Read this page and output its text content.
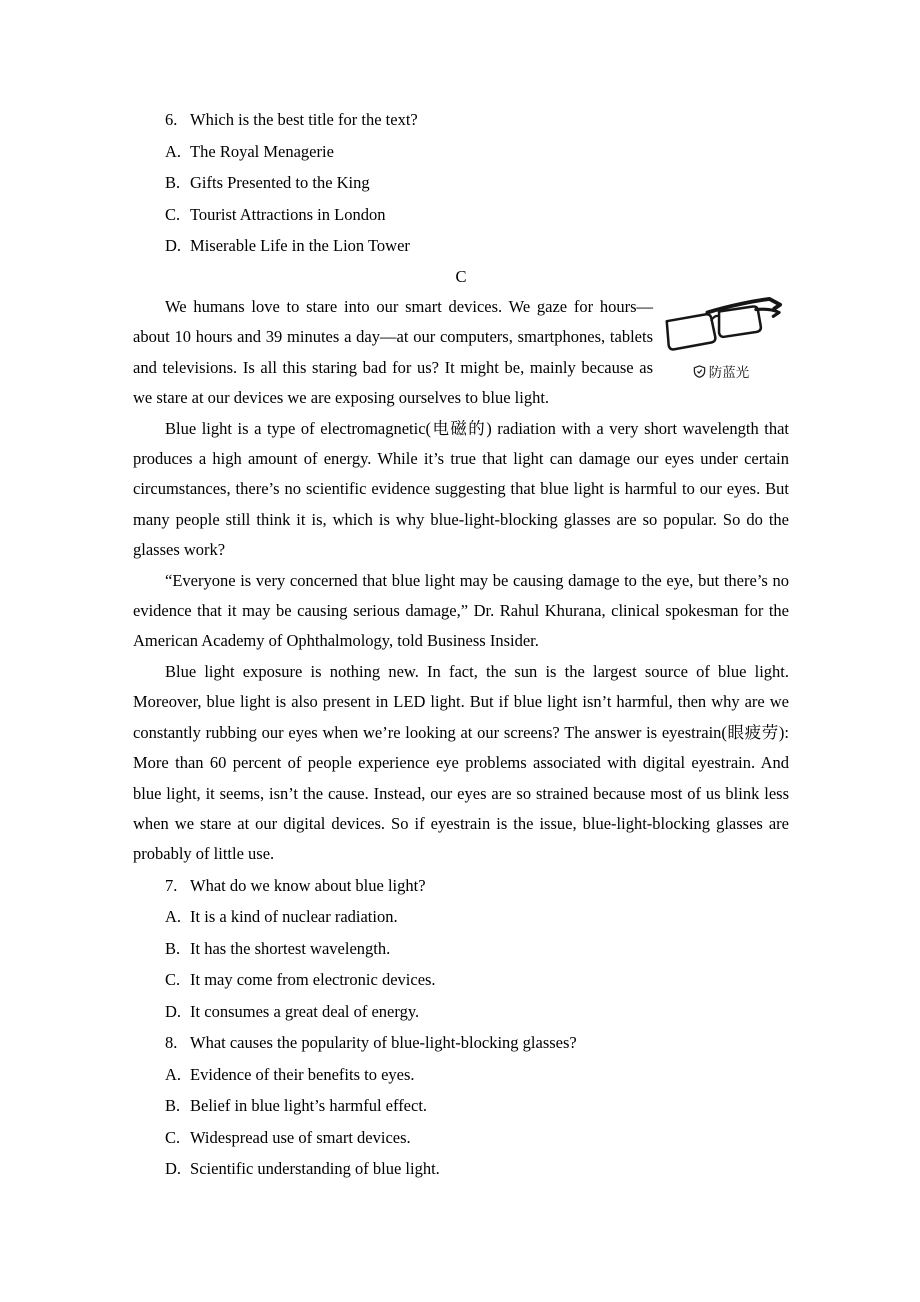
6. Which is the best title for the text?
A. The Royal Menagerie
B. Gifts Presented to the King
C. Tourist Attractions in London
D. Miserable Life in the Lion Tower
C
防蓝光

We humans love to stare into our smart devices. We gaze for hours—about 10 hours and 39 minutes a day—at our computers, smartphones, tablets and televisions. Is all this staring bad for us? It might be, mainly because as we stare at our devices we are exposing ourselves to blue light.

Blue light is a type of electromagnetic(电磁的) radiation with a very short wavelength that produces a high amount of energy. While it’s true that light can damage our eyes under certain circumstances, there’s no scientific evidence suggesting that blue light is harmful to our eyes. But many people still think it is, which is why blue-light-blocking glasses are so popular. So do the glasses work?

“Everyone is very concerned that blue light may be causing damage to the eye, but there’s no evidence that it may be causing serious damage,” Dr. Rahul Khurana, clinical spokesman for the American Academy of Ophthalmology, told Business Insider.

Blue light exposure is nothing new. In fact, the sun is the largest source of blue light. Moreover, blue light is also present in LED light. But if blue light isn’t harmful, then why are we constantly rubbing our eyes when we’re looking at our screens? The answer is eyestrain(眼疲劳): More than 60 percent of people experience eye problems associated with digital eyestrain. And blue light, it seems, isn’t the cause. Instead, our eyes are so strained because most of us blink less when we stare at our digital devices. So if eyestrain is the issue, blue-light-blocking glasses are probably of little use.

7. What do we know about blue light?
A. It is a kind of nuclear radiation.
B. It has the shortest wavelength.
C. It may come from electronic devices.
D. It consumes a great deal of energy.
8. What causes the popularity of blue-light-blocking glasses?
A. Evidence of their benefits to eyes.
B. Belief in blue light’s harmful effect.
C. Widespread use of smart devices.
D. Scientific understanding of blue light.
